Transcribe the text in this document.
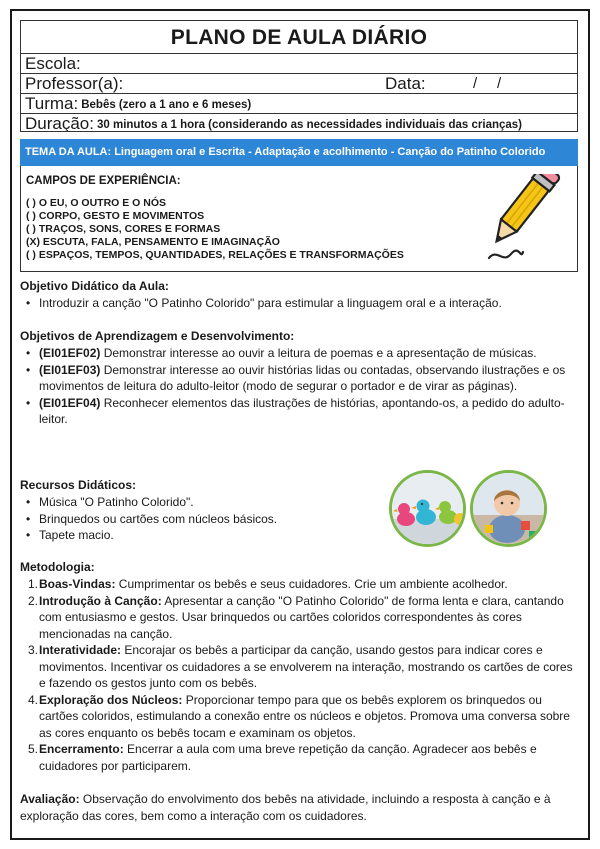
PLANO DE AULA DIÁRIO
Escola:
Professor(a):	Data:	/ /
Turma: Bebês (zero a 1 ano e 6 meses)
Duração: 30 minutos a 1 hora (considerando as necessidades individuais das crianças)
TEMA DA AULA: Linguagem oral e Escrita - Adaptação e acolhimento - Canção do Patinho Colorido
CAMPOS DE EXPERIÊNCIA:
( ) O EU, O OUTRO E O NÓS
( ) CORPO, GESTO E MOVIMENTOS
( ) TRAÇOS, SONS, CORES E FORMAS
(X) ESCUTA, FALA, PENSAMENTO E IMAGINAÇÃO
( ) ESPAÇOS, TEMPOS, QUANTIDADES, RELAÇÕES E TRANSFORMAÇÕES
Objetivo Didático da Aula:
• Introduzir a canção "O Patinho Colorido" para estimular a linguagem oral e a interação.
Objetivos de Aprendizagem e Desenvolvimento:
• (EI01EF02) Demonstrar interesse ao ouvir a leitura de poemas e a apresentação de músicas.
• (EI01EF03) Demonstrar interesse ao ouvir histórias lidas ou contadas, observando ilustrações e os movimentos de leitura do adulto-leitor (modo de segurar o portador e de virar as páginas).
• (EI01EF04) Reconhecer elementos das ilustrações de histórias, apontando-os, a pedido do adulto-leitor.
Recursos Didáticos:
• Música "O Patinho Colorido".
• Brinquedos ou cartões com núcleos básicos.
• Tapete macio.
Metodologia:
1. Boas-Vindas: Cumprimentar os bebês e seus cuidadores. Crie um ambiente acolhedor.
2. Introdução à Canção: Apresentar a canção "O Patinho Colorido" de forma lenta e clara, cantando com entusiasmo e gestos. Usar brinquedos ou cartões coloridos correspondentes às cores mencionadas na canção.
3. Interatividade: Encorajar os bebês a participar da canção, usando gestos para indicar cores e movimentos. Incentivar os cuidadores a se envolverem na interação, mostrando os cartões de cores e fazendo os gestos junto com os bebês.
4. Exploração dos Núcleos: Proporcionar tempo para que os bebês explorem os brinquedos ou cartões coloridos, estimulando a conexão entre os núcleos e objetos. Promova uma conversa sobre as cores enquanto os bebês tocam e examinam os objetos.
5. Encerramento: Encerrar a aula com uma breve repetição da canção. Agradecer aos bebês e cuidadores por participarem.
Avaliação: Observação do envolvimento dos bebês na atividade, incluindo a resposta à canção e à exploração das cores, bem como a interação com os cuidadores.
